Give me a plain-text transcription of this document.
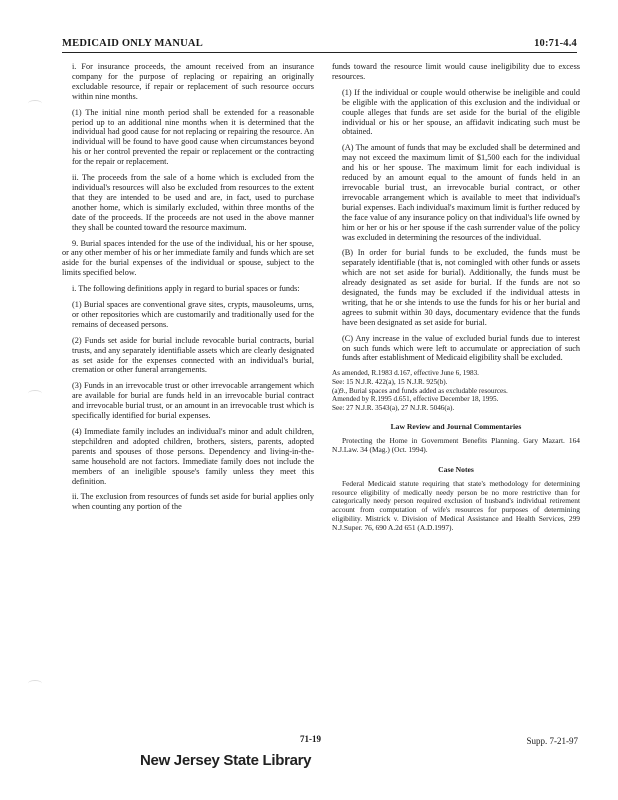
MEDICAID ONLY MANUAL	10:71-4.4

i. For insurance proceeds, the amount received from an insurance company for the purpose of replacing or repairing an originally excludable resource, if repair or replacement of such resource occurs within nine months.

(1) The initial nine month period shall be extended for a reasonable period up to an additional nine months when it is determined that the individual had good cause for not replacing or repairing the resource. An individual will be found to have good cause when circumstances beyond his or her control prevented the repair or replacement or the contracting for the repair or replacement.

ii. The proceeds from the sale of a home which is excluded from the individual's resources will also be excluded from resources to the extent that they are intended to be used and are, in fact, used to purchase another home, which is similarly excluded, within three months of the date of the proceeds. If the proceeds are not used in the above manner they shall be counted toward the resource maximum.

9. Burial spaces intended for the use of the individual, his or her spouse, or any other member of his or her immediate family and funds which are set aside for the burial expenses of the individual or spouse, subject to the limits specified below.

i. The following definitions apply in regard to burial spaces or funds:

(1) Burial spaces are conventional grave sites, crypts, mausoleums, urns, or other repositories which are customarily and traditionally used for the remains of deceased persons.

(2) Funds set aside for burial include revocable burial contracts, burial trusts, and any separately identifiable assets which are clearly designated as set aside for the expenses connected with an individual's burial, cremation or other funeral arrangements.

(3) Funds in an irrevocable trust or other irrevocable arrangement which are available for burial are funds held in an irrevocable burial contract and irrevocable burial trust, or an amount in an irrevocable trust which is specifically identified for burial expenses.

(4) Immediate family includes an individual's minor and adult children, stepchildren and adopted children, brothers, sisters, parents, adopted parents and spouses of those persons. Dependency and living-in-the-same household are not factors. Immediate family does not include the members of an ineligible spouse's family unless they meet this definition.

ii. The exclusion from resources of funds set aside for burial applies only when counting any portion of the

funds toward the resource limit would cause ineligibility due to excess resources.

(1) If the individual or couple would otherwise be ineligible and could be eligible with the application of this exclusion and the individual or couple alleges that funds are set aside for the burial of the eligible individual or his or her spouse, an affidavit indicating such must be obtained.

(A) The amount of funds that may be excluded shall be determined and may not exceed the maximum limit of $1,500 each for the individual and his or her spouse. The maximum limit for each individual is reduced by an amount equal to the amount of funds held in an irrevocable burial trust, an irrevocable burial contract, or other irrevocable arrangement which is available to meet that individual's burial expenses. Each individual's maximum limit is further reduced by the face value of any insurance policy on that individual's life owned by him or her or his or her spouse if the cash surrender value of the policy was excluded in determining the resources of the individual.

(B) In order for burial funds to be excluded, the funds must be separately identifiable (that is, not comingled with other funds or assets which are not set aside for burial). Additionally, the funds must be already designated as set aside for burial. If the funds are not so designated, the funds may be excluded if the individual attests in writing, that he or she intends to use the funds for his or her burial and agrees to submit within 30 days, documentary evidence that the funds have been designated as set aside for burial.

(C) Any increase in the value of excluded burial funds due to interest on such funds which were left to accumulate or appreciation of such funds after establishment of Medicaid eligibility shall be excluded.

As amended, R.1983 d.167, effective June 6, 1983.
See: 15 N.J.R. 422(a), 15 N.J.R. 925(b).
(a)9., Burial spaces and funds added as excludable resources.
Amended by R.1995 d.651, effective December 18, 1995.
See: 27 N.J.R. 3543(a), 27 N.J.R. 5046(a).
Law Review and Journal Commentaries

Protecting the Home in Government Benefits Planning. Gary Mazart. 164 N.J.Law. 34 (Mag.) (Oct. 1994).

Case Notes

Federal Medicaid statute requiring that state's methodology for determining resource eligibility of medically needy person be no more restrictive than for categorically needy person required exclusion of husband's individual retirement account from computation of wife's resources for purposes of determining eligibility. Mistrick v. Division of Medical Assistance and Health Services, 299 N.J.Super. 76, 690 A.2d 651 (A.D.1997).

71-19	Supp. 7-21-97
New Jersey State Library
